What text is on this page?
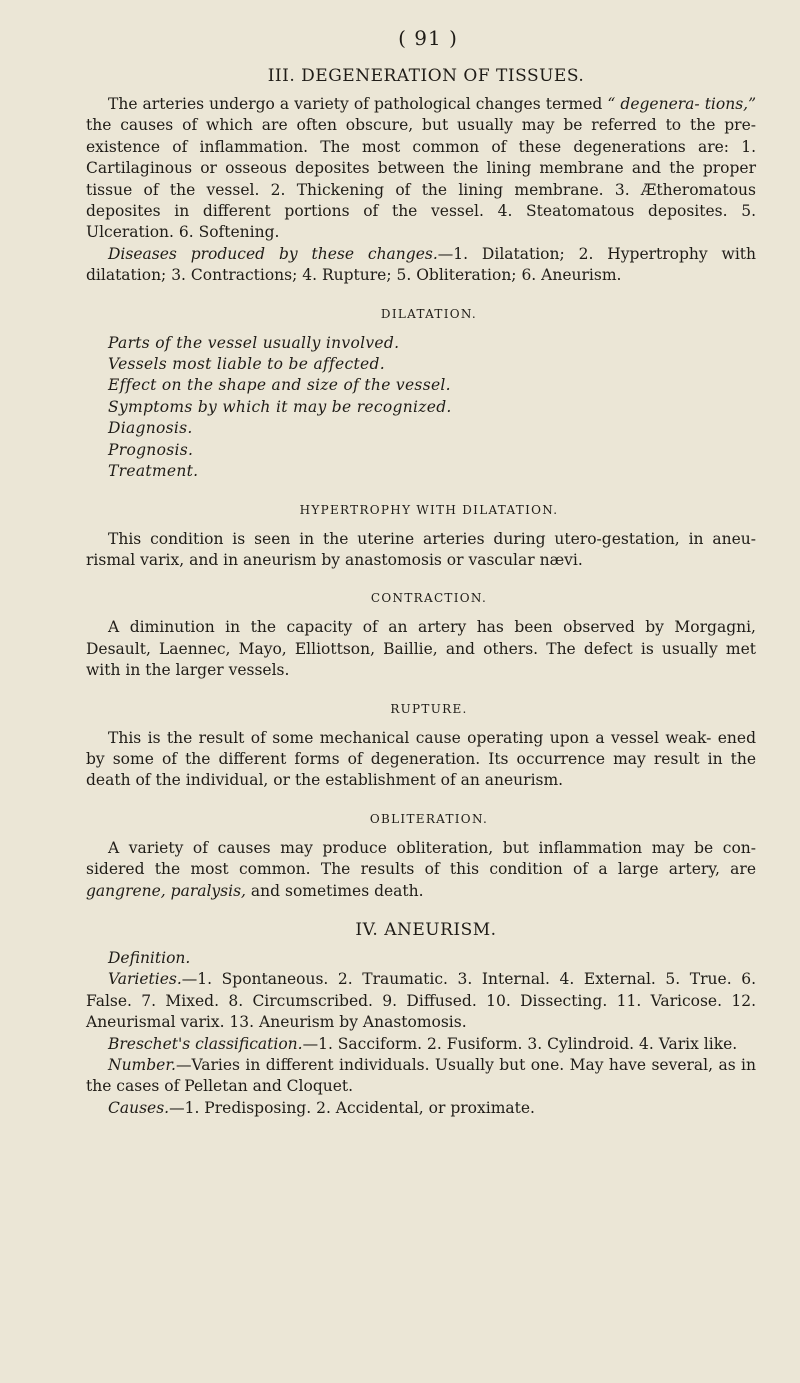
( 91 )
III. DEGENERATION OF TISSUES.

The arteries undergo a variety of pathological changes termed “ degenera- tions,” the causes of which are often obscure, but usually may be referred to the pre-existence of inflammation. The most common of these degenerations are: 1. Cartilaginous or osseous deposites between the lining membrane and the proper tissue of the vessel. 2. Thickening of the lining membrane. 3. Ætheromatous deposites in different portions of the vessel. 4. Steatomatous deposites. 5. Ulceration. 6. Softening.

Diseases produced by these changes.—1. Dilatation; 2. Hypertrophy with dilatation; 3. Contractions; 4. Rupture; 5. Obliteration; 6. Aneurism.

DILATATION.
Parts of the vessel usually involved.
Vessels most liable to be affected.
Effect on the shape and size of the vessel.
Symptoms by which it may be recognized.
Diagnosis.
Prognosis.
Treatment.
HYPERTROPHY WITH DILATATION.

This condition is seen in the uterine arteries during utero-gestation, in aneu- rismal varix, and in aneurism by anastomosis or vascular nævi.

CONTRACTION.

A diminution in the capacity of an artery has been observed by Morgagni, Desault, Laennec, Mayo, Elliottson, Baillie, and others. The defect is usually met with in the larger vessels.

RUPTURE.

This is the result of some mechanical cause operating upon a vessel weak- ened by some of the different forms of degeneration. Its occurrence may result in the death of the individual, or the establishment of an aneurism.

OBLITERATION.

A variety of causes may produce obliteration, but inflammation may be con- sidered the most common. The results of this condition of a large artery, are gangrene, paralysis, and sometimes death.

IV. ANEURISM.

Definition.

Varieties.—1. Spontaneous. 2. Traumatic. 3. Internal. 4. External. 5. True. 6. False. 7. Mixed. 8. Circumscribed. 9. Diffused. 10. Dissecting. 11. Varicose. 12. Aneurismal varix. 13. Aneurism by Anastomosis.

Breschet's classification.—1. Sacciform. 2. Fusiform. 3. Cylindroid. 4. Varix like.

Number.—Varies in different individuals. Usually but one. May have several, as in the cases of Pelletan and Cloquet.

Causes.—1. Predisposing. 2. Accidental, or proximate.
